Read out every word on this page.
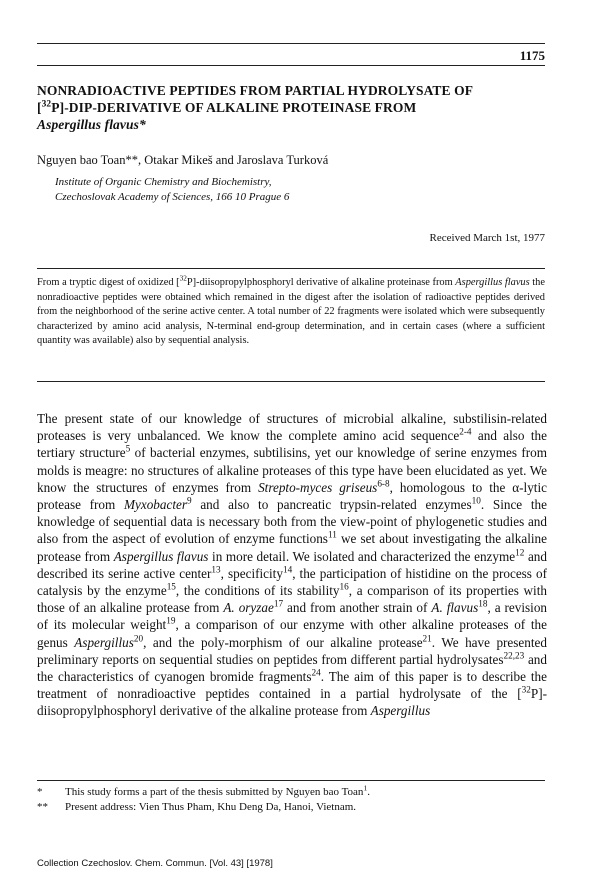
1175
NONRADIOACTIVE PEPTIDES FROM PARTIAL HYDROLYSATE OF
[$^{32}$P]-DIP-DERIVATIVE OF ALKALINE PROTEINASE FROM
Aspergillus flavus*
Nguyen bao Toan**, Otakar Mikeš and Jaroslava Turková
Institute of Organic Chemistry and Biochemistry,
Czechoslovak Academy of Sciences, 166 10 Prague 6
Received March 1st, 1977
From a tryptic digest of oxidized [$^{32}$P]-diisopropylphosphoryl derivative of alkaline proteinase from Aspergillus flavus the nonradioactive peptides were obtained which remained in the digest after the isolation of radioactive peptides derived from the neighborhood of the serine active center. A total number of 22 fragments were isolated which were subsequently characterized by amino acid analysis, N-terminal end-group determination, and in certain cases (where a sufficient quantity was available) also by sequential analysis.
The present state of our knowledge of structures of microbial alkaline, substilisin-related proteases is very unbalanced. We know the complete amino acid sequence$^{2-4}$ and also the tertiary structure$^5$ of bacterial enzymes, subtilisins, yet our knowledge of serine enzymes from molds is meagre: no structures of alkaline proteases of this type have been elucidated as yet. We know the structures of enzymes from Strepto-myces griseus$^{6-8}$, homologous to the α-lytic protease from Myxobacter$^9$ and also to pancreatic trypsin-related enzymes$^{10}$. Since the knowledge of sequential data is necessary both from the view-point of phylogenetic studies and also from the aspect of evolution of enzyme functions$^{11}$ we set about investigating the alkaline protease from Aspergillus flavus in more detail. We isolated and characterized the enzyme$^{12}$ and described its serine active center$^{13}$, specificity$^{14}$, the participation of histidine on the process of catalysis by the enzyme$^{15}$, the conditions of its stability$^{16}$, a comparison of its properties with those of an alkaline protease from A. oryzae$^{17}$ and from another strain of A. flavus$^{18}$, a revision of its molecular weight$^{19}$, a comparison of our enzyme with other alkaline proteases of the genus Aspergillus$^{20}$, and the poly-morphism of our alkaline protease$^{21}$. We have presented preliminary reports on sequential studies on peptides from different partial hydrolysates$^{22,23}$ and the characteristics of cyanogen bromide fragments$^{24}$. The aim of this paper is to describe the treatment of nonradioactive peptides contained in a partial hydrolysate of the [$^{32}$P]-diisopropylphosphoryl derivative of the alkaline protease from Aspergillus
* This study forms a part of the thesis submitted by Nguyen bao Toan$^1$.
** Present address: Vien Thus Pham, Khu Deng Da, Hanoi, Vietnam.
Collection Czechoslov. Chem. Commun. [Vol. 43] [1978]
